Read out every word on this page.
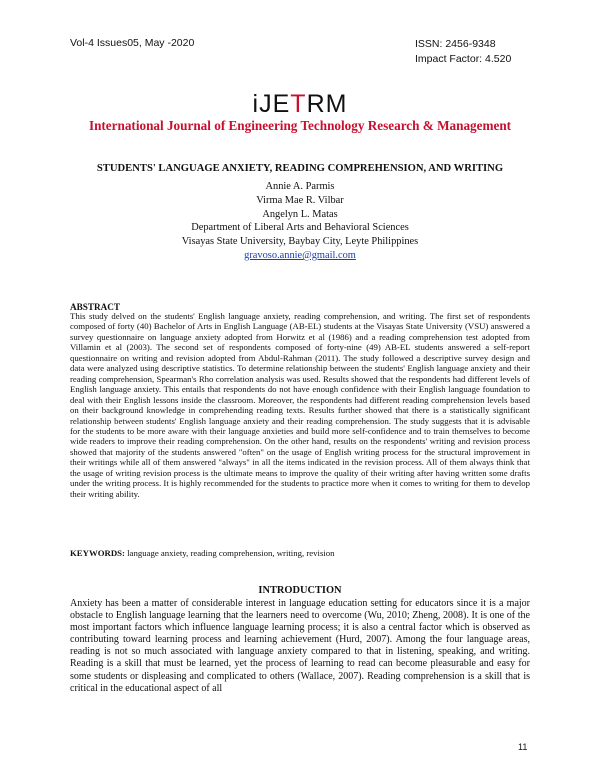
Vol-4 Issues05, May -2020	ISSN: 2456-9348
Impact Factor: 4.520
iJETRM
International Journal of Engineering Technology Research & Management
STUDENTS' LANGUAGE ANXIETY, READING COMPREHENSION, AND WRITING
Annie A. Parmis
Virma Mae R. Vilbar
Angelyn L. Matas
Department of Liberal Arts and Behavioral Sciences
Visayas State University, Baybay City, Leyte Philippines
gravoso.annie@gmail.com
ABSTRACT
This study delved on the students' English language anxiety, reading comprehension, and writing. The first set of respondents composed of forty (40) Bachelor of Arts in English Language (AB-EL) students at the Visayas State University (VSU) answered a survey questionnaire on language anxiety adopted from Horwitz et al (1986) and a reading comprehension test adopted from Villamin et al (2003). The second set of respondents composed of forty-nine (49) AB-EL students answered a self-report questionnaire on writing and revision adopted from Abdul-Rahman (2011). The study followed a descriptive survey design and data were analyzed using descriptive statistics. To determine relationship between the students' English language anxiety and their reading comprehension, Spearman's Rho correlation analysis was used. Results showed that the respondents had different levels of English language anxiety. This entails that respondents do not have enough confidence with their English language foundation to deal with their English lessons inside the classroom. Moreover, the respondents had different reading comprehension levels based on their background knowledge in comprehending reading texts. Results further showed that there is a statistically significant relationship between students' English language anxiety and their reading comprehension. The study suggests that it is advisable for the students to be more aware with their language anxieties and build more self-confidence and to train themselves to become wide readers to improve their reading comprehension. On the other hand, results on the respondents' writing and revision process showed that majority of the students answered "often" on the usage of English writing process for the structural improvement in their writings while all of them answered "always" in all the items indicated in the revision process. All of them always think that the usage of writing revision process is the ultimate means to improve the quality of their writing after having written some drafts under the writing process. It is highly recommended for the students to practice more when it comes to writing for them to develop their writing ability.
KEYWORDS: language anxiety, reading comprehension, writing, revision
INTRODUCTION
Anxiety has been a matter of considerable interest in language education setting for educators since it is a major obstacle to English language learning that the learners need to overcome (Wu, 2010; Zheng, 2008). It is one of the most important factors which influence language learning process; it is also a central factor which is observed as contributing toward learning process and learning achievement (Hurd, 2007). Among the four language areas, reading is not so much associated with language anxiety compared to that in listening, speaking, and writing. Reading is a skill that must be learned, yet the process of learning to read can become pleasurable and easy for some students or displeasing and complicated to others (Wallace, 2007). Reading comprehension is a skill that is critical in the educational aspect of all
11
